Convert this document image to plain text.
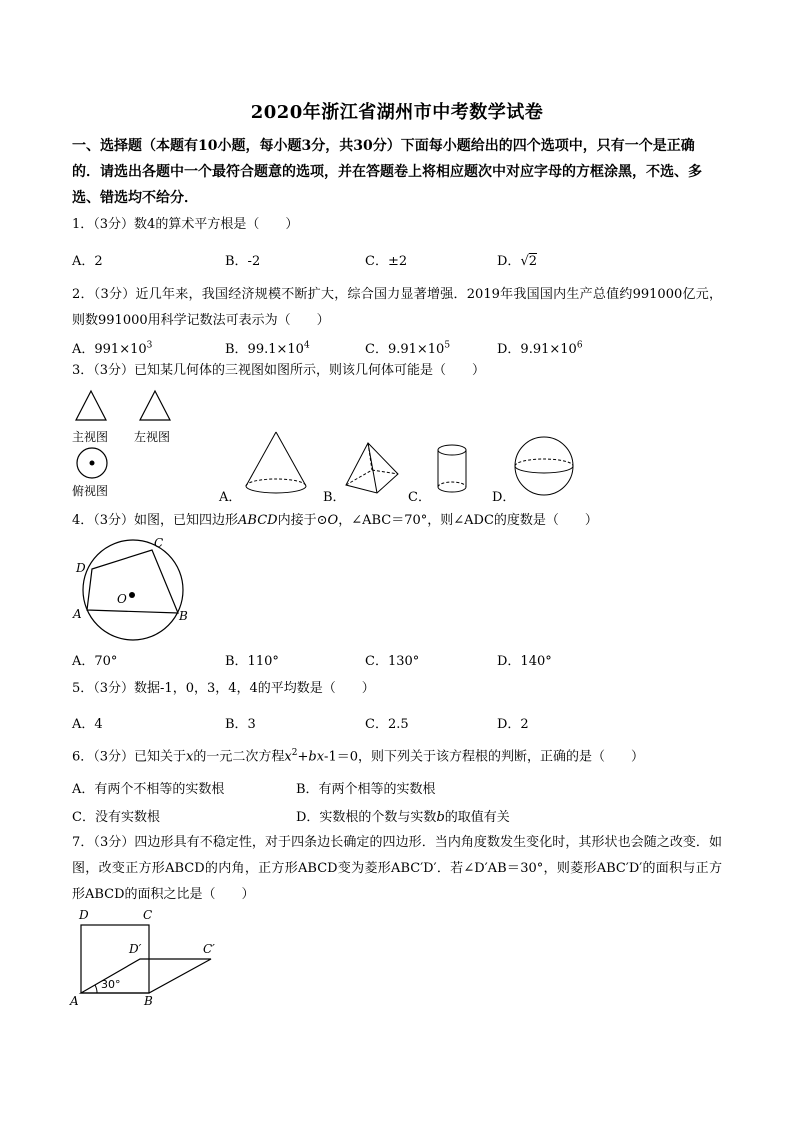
2020年浙江省湖州市中考数学试卷
一、选择题（本题有10小题，每小题3分，共30分）下面每小题给出的四个选项中，只有一个是正确的．请选出各题中一个最符合题意的选项，并在答题卷上将相应题次中对应字母的方框涂黑，不选、多选、错选均不给分．
1．（3分）数4的算术平方根是（　　）
A．2	B．-2	C．±2	D．√2
2．（3分）近几年来，我国经济规模不断扩大，综合国力显著增强．2019年我国国内生产总值约991000亿元，则数991000用科学记数法可表示为（　　）
A．$991\times 10^3$	B．$99.1\times 10^4$	C．$9.91\times 10^5$	D．$9.91\times 10^6$
3．（3分）已知某几何体的三视图如图所示，则该几何体可能是（　　）
主视图 左视图
俯视图	A．	B．	C．	D．
4．（3分）如图，已知四边形ABCD内接于⊙O，∠ABC＝70°，则∠ADC的度数是（　　）
C
D
O
A	B
A．70°	B．110°	C．130°	D．140°
5．（3分）数据-1，0，3，4，4的平均数是（　　）
A．4	B．3	C．2.5	D．2
6．（3分）已知关于x的一元二次方程$x^2+bx-1=0$，则下列关于该方程根的判断，正确的是（　　）
A．有两个不相等的实数根	B．有两个相等的实数根
C．没有实数根	D．实数根的个数与实数b的取值有关
7．（3分）四边形具有不稳定性，对于四条边长确定的四边形．当内角度数发生变化时，其形状也会随之改变．如图，改变正方形ABCD的内角，正方形ABCD变为菱形ABC′D′．若∠D′AB＝30°，则菱形ABC′D′的面积与正方形ABCD的面积之比是（　　）
D	C
D′	C′
30°
A	B
